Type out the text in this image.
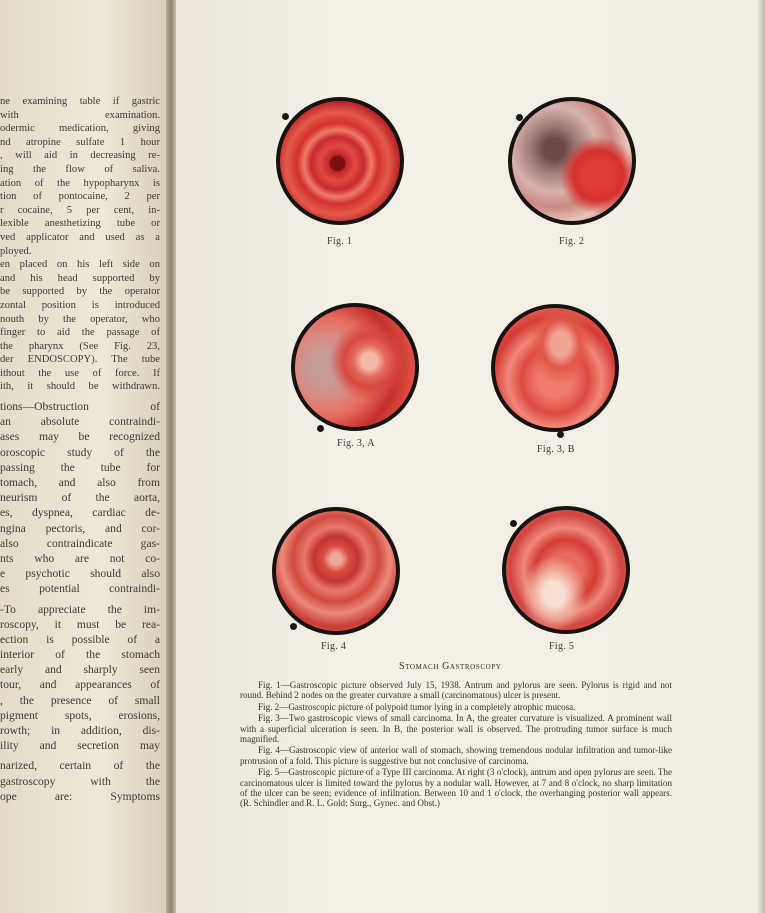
ne examining table if gastric
with examination.
odermic medication, giving
nd atropine sulfate 1 hour
, will aid in decreasing re-
ing the flow of saliva.
ation of the hypopharynx is
tion of pontocaine, 2 per
r cocaine, 5 per cent, in-
lexible anesthetizing tube or
ved applicator and used as a
ployed.
en placed on his left side on
and his head supported by
be supported by the operator
zontal position is introduced
nouth by the operator, who
finger to aid the passage of
the pharynx (See Fig. 23,
der ENDOSCOPY). The tube
ithout the use of force. If
ith, it should be withdrawn.
tions—Obstruction of
an absolute contraindi-
ases may be recognized
oroscopic study of the
passing the tube for
tomach, and also from
neurism of the aorta,
es, dyspnea, cardiac de-
ngina pectoris, and cor-
also contraindicate gas-
nts who are not co-
e psychotic should also
es potential contraindi-
-To appreciate the im-
roscopy, it must be rea-
ection is possible of a
interior of the stomach
early and sharply seen
tour, and appearances of
, the presence of small
pigment spots, erosions,
rowth; in addition, dis-
ility and secretion may
narized, certain of the
gastroscopy with the
ope are: Symptoms
Fig. 1	Fig. 2
Fig. 3, A
Fig. 3, B
Fig. 4	Fig. 5
Stomach Gastroscopy

Fig. 1—Gastroscopic picture observed July 15, 1938. Antrum and pylorus are seen. Pylorus is rigid and not round. Behind 2 nodes on the greater curvature a small (carcinomatous) ulcer is present.

Fig. 2—Gastroscopic picture of polypoid tumor lying in a completely atrophic mucosa.

Fig. 3—Two gastroscopic views of small carcinoma. In A, the greater curvature is visualized. A prominent wall with a superficial ulceration is seen. In B, the posterior wall is observed. The protruding tumor surface is much magnified.

Fig. 4—Gastroscopic view of anterior wall of stomach, showing tremendous nodular infiltration and tumor-like protrusion of a fold. This picture is suggestive but not conclusive of carcinoma.

Fig. 5—Gastroscopic picture of a Type III carcinoma. At right (3 o'clock), antrum and open pylorus are seen. The carcinomatous ulcer is limited toward the pylorus by a nodular wall. However, at 7 and 8 o'clock, no sharp limitation of the ulcer can be seen; evidence of infiltration. Between 10 and 1 o'clock, the overhanging posterior wall appears. (R. Schindler and R. L. Gold: Surg., Gynec. and Obst.)
